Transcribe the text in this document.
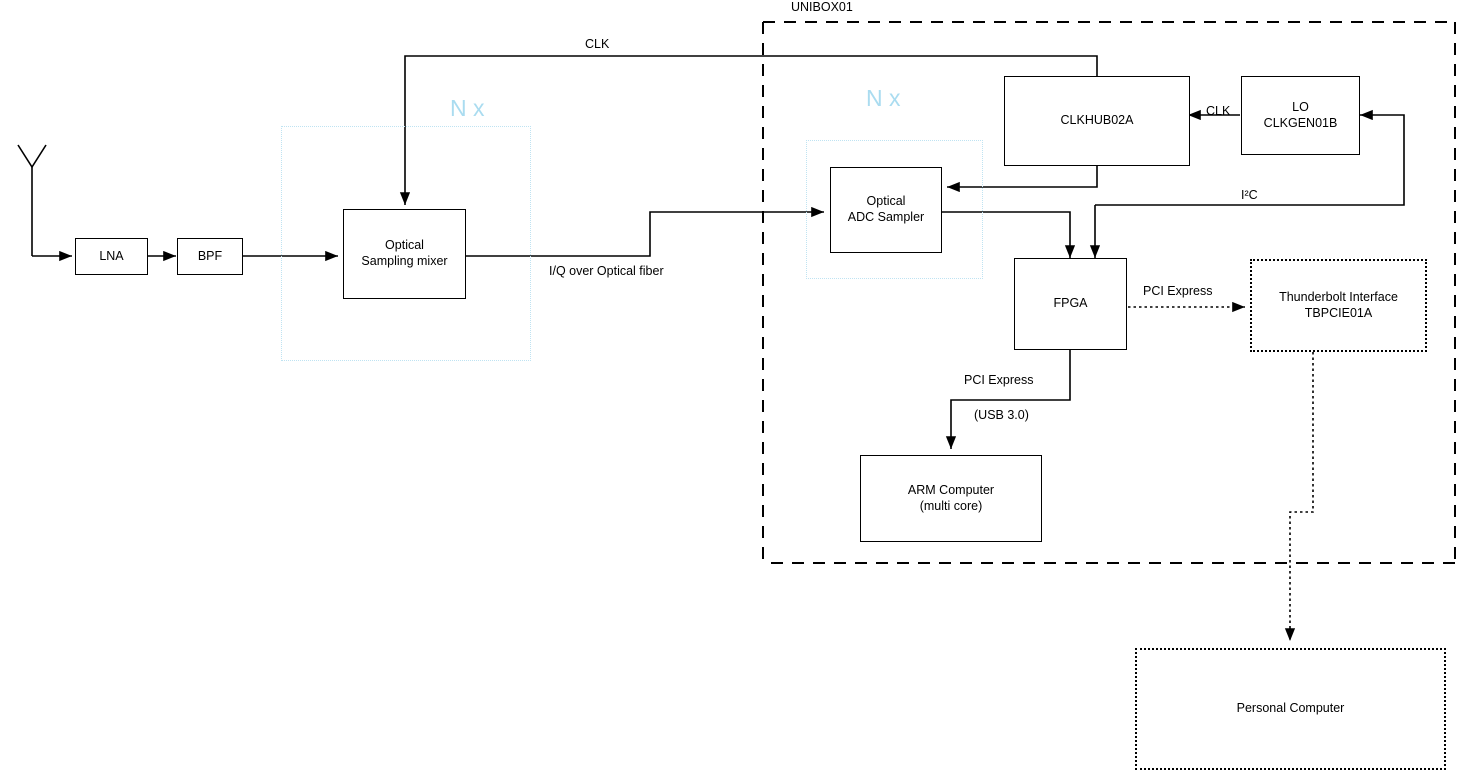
N x	N x
UNIBOX01
LNA	BPF
Optical
Sampling mixer
Optical
ADC Sampler
CLKHUB02A
LO
CLKGEN01B
FPGA	Thunderbolt Interface
TBPCIE01A
ARM Computer
(multi core)
Personal Computer
CLK
CLK
I/Q over Optical fiber
I²C
PCI Express
PCI Express
(USB 3.0)
